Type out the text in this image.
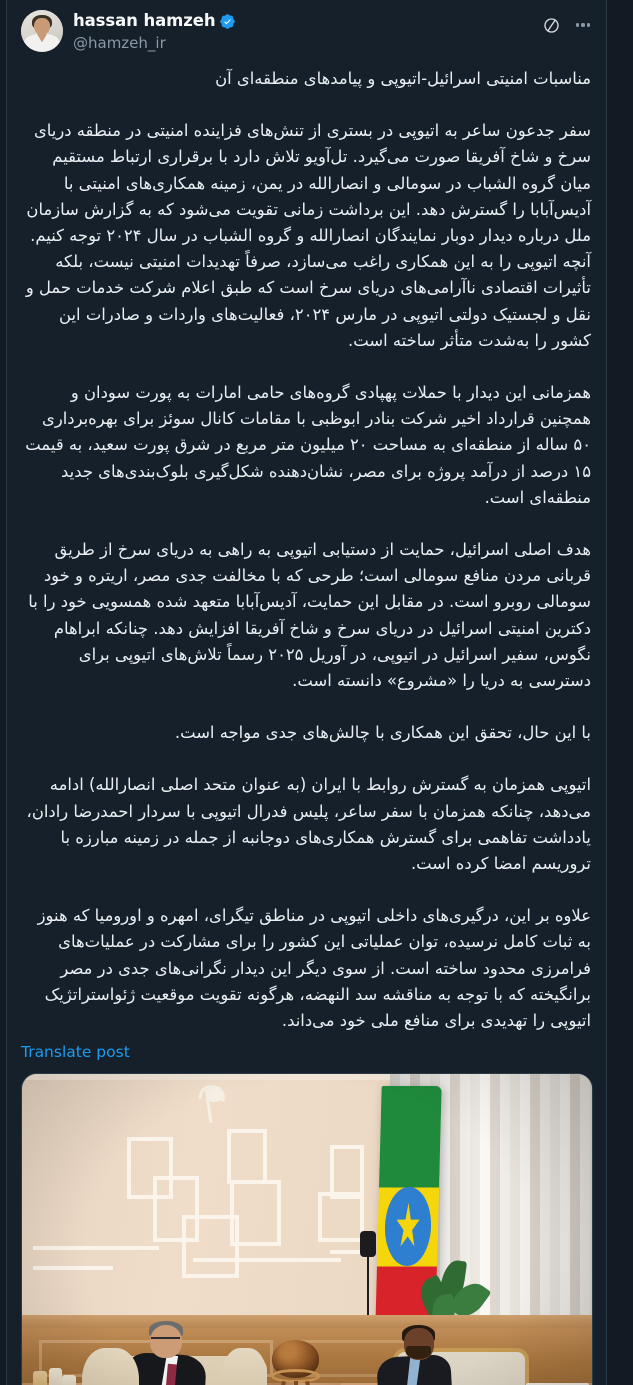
hassan hamzeh
@hamzeh_ir

مناسبات امنیتی اسرائیل-اتیوپی و پیامدهای منطقه‌ای آن

سفر جدعون ساعر به اتیوپی در بستری از تنش‌های فزاینده امنیتی در منطقه دریای سرخ و شاخ آفریقا صورت می‌گیرد. تل‌آویو تلاش دارد با برقراری ارتباط مستقیم میان گروه الشباب در سومالی و انصارالله در یمن، زمینه همکاری‌های امنیتی با آدیس‌آبابا را گسترش دهد. این برداشت زمانی تقویت می‌شود که به گزارش سازمان ملل درباره دیدار دوبار نمایندگان انصارالله و گروه الشباب در سال ۲۰۲۴ توجه کنیم. آنچه اتیوپی را به این همکاری راغب می‌سازد، صرفاً تهدیدات امنیتی نیست، بلکه تأثیرات اقتصادی ناآرامی‌های دریای سرخ است که طبق اعلام شرکت خدمات حمل و نقل و لجستیک دولتی اتیوپی در مارس ۲۰۲۴، فعالیت‌های واردات و صادرات این کشور را به‌شدت متأثر ساخته است.

همزمانی این دیدار با حملات پهپادی گروه‌های حامی امارات به پورت سودان و همچنین قرارداد اخیر شرکت بنادر ابوظبی با مقامات کانال سوئز برای بهره‌برداری ۵۰ ساله از منطقه‌ای به مساحت ۲۰ میلیون متر مربع در شرق پورت سعید، به قیمت ۱۵ درصد از درآمد پروژه برای مصر، نشان‌دهنده شکل‌گیری بلوک‌بندی‌های جدید منطقه‌ای است.

هدف اصلی اسرائیل، حمایت از دستیابی اتیوپی به راهی به دریای سرخ از طریق قربانی مردن منافع سومالی است؛ طرحی که با مخالفت جدی مصر، اریتره و خود سومالی روبرو است. در مقابل این حمایت، آدیس‌آبابا متعهد شده همسویی خود را با دکترین امنیتی اسرائیل در دریای سرخ و شاخ آفریقا افزایش دهد. چنانکه ابراهام نگوس، سفیر اسرائیل در اتیوپی، در آوریل ۲۰۲۵ رسماً تلاش‌های اتیوپی برای دسترسی به دریا را «مشروع» دانسته است.

با این حال، تحقق این همکاری با چالش‌های جدی مواجه است.

اتیوپی همزمان به گسترش روابط با ایران (به عنوان متحد اصلی انصارالله) ادامه می‌دهد، چنانکه همزمان با سفر ساعر، پلیس فدرال اتیوپی با سردار احمدرضا رادان، یادداشت تفاهمی برای گسترش همکاری‌های دوجانبه از جمله در زمینه مبارزه با تروریسم امضا کرده است.

علاوه بر این، درگیری‌های داخلی اتیوپی در مناطق تیگرای، امهره و اورومیا که هنوز به ثبات کامل نرسیده، توان عملیاتی این کشور را برای مشارکت در عملیات‌های فرامرزی محدود ساخته است. از سوی دیگر این دیدار نگرانی‌های جدی در مصر برانگیخته که با توجه به مناقشه سد النهضه، هرگونه تقویت موقعیت ژئواستراتژیک اتیوپی را تهدیدی برای منافع ملی خود می‌داند.

Translate post
